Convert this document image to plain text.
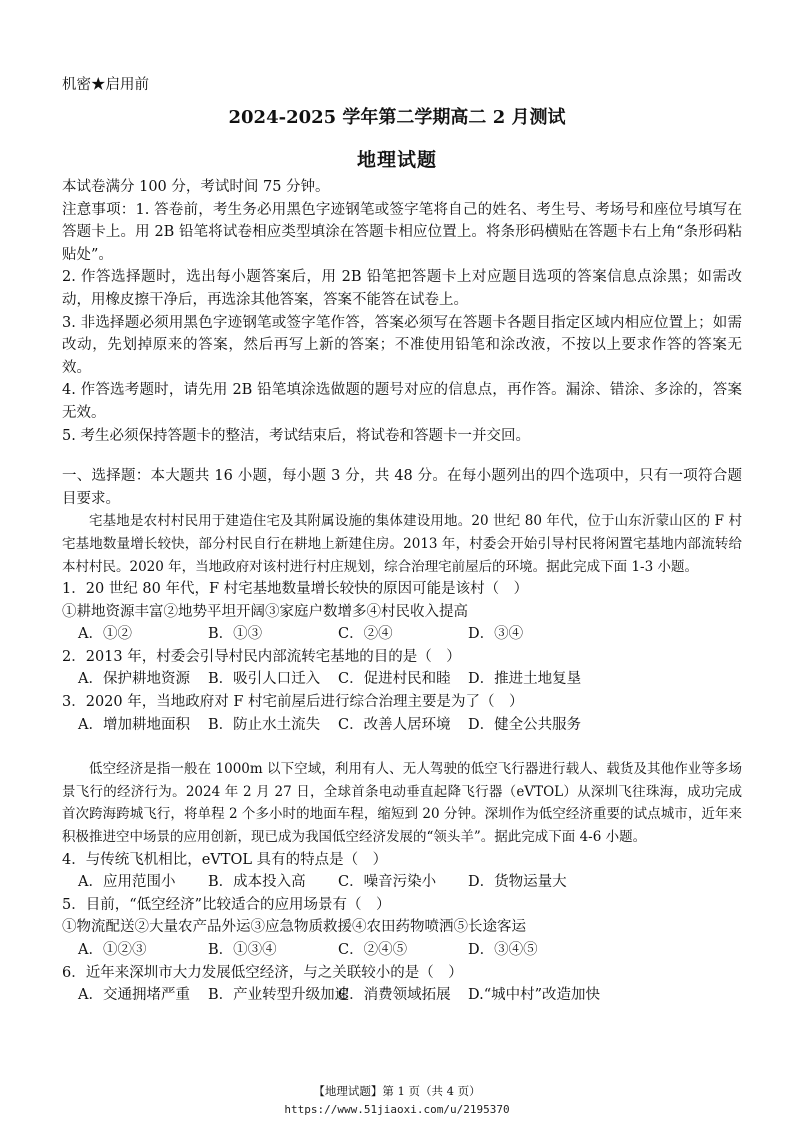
机密★启用前
2024-2025 学年第二学期高二 2 月测试
地理试题

本试卷满分 100 分，考试时间 75 分钟。

注意事项：1. 答卷前，考生务必用黑色字迹钢笔或签字笔将自己的姓名、考生号、考场号和座位号填写在答题卡上。用 2B 铅笔将试卷相应类型填涂在答题卡相应位置上。将条形码横贴在答题卡右上角“条形码粘贴处”。

2. 作答选择题时，选出每小题答案后，用 2B 铅笔把答题卡上对应题目选项的答案信息点涂黑；如需改动，用橡皮擦干净后，再选涂其他答案，答案不能答在试卷上。

3. 非选择题必须用黑色字迹钢笔或签字笔作答，答案必须写在答题卡各题目指定区域内相应位置上；如需改动，先划掉原来的答案，然后再写上新的答案；不准使用铅笔和涂改液，不按以上要求作答的答案无效。

4. 作答选考题时，请先用 2B 铅笔填涂选做题的题号对应的信息点，再作答。漏涂、错涂、多涂的，答案无效。

5. 考生必须保持答题卡的整洁，考试结束后，将试卷和答题卡一并交回。

一、选择题：本大题共 16 小题，每小题 3 分，共 48 分。在每小题列出的四个选项中，只有一项符合题目要求。

宅基地是农村村民用于建造住宅及其附属设施的集体建设用地。20 世纪 80 年代，位于山东沂蒙山区的 F 村宅基地数量增长较快，部分村民自行在耕地上新建住房。2013 年，村委会开始引导村民将闲置宅基地内部流转给本村村民。2020 年，当地政府对该村进行村庄规划，综合治理宅前屋后的环境。据此完成下面 1-3 小题。

1．20 世纪 80 年代，F 村宅基地数量增长较快的原因可能是该村（　）

①耕地资源丰富②地势平坦开阔③家庭户数增多④村民收入提高

A．①②	B．①③	C．②④	D．③④

2．2013 年，村委会引导村民内部流转宅基地的目的是（　）

A．保护耕地资源	B．吸引人口迁入	C．促进村民和睦	D．推进土地复垦

3．2020 年，当地政府对 F 村宅前屋后进行综合治理主要是为了（　）

A．增加耕地面积	B．防止水土流失	C．改善人居环境	D．健全公共服务

低空经济是指一般在 1000m 以下空域，利用有人、无人驾驶的低空飞行器进行载人、载货及其他作业等多场景飞行的经济行为。2024 年 2 月 27 日，全球首条电动垂直起降飞行器（eVTOL）从深圳飞往珠海，成功完成首次跨海跨城飞行，将单程 2 个多小时的地面车程，缩短到 20 分钟。深圳作为低空经济重要的试点城市，近年来积极推进空中场景的应用创新，现已成为我国低空经济发展的“领头羊”。据此完成下面 4-6 小题。

4．与传统飞机相比，eVTOL 具有的特点是（　）

A．应用范围小	B．成本投入高	C．噪音污染小	D．货物运量大

5．目前，“低空经济”比较适合的应用场景有（　）

①物流配送②大量农产品外运③应急物质救援④农田药物喷洒⑤长途客运

A．①②③	B．①③④	C．②④⑤	D．③④⑤

6．近年来深圳市大力发展低空经济，与之关联较小的是（　）

A．交通拥堵严重	B．产业转型升级加速
C．消费领域拓展	D.“城中村”改造加快
【地理试题】第 1 页（共 4 页）
https://www.51jiaoxi.com/u/2195370
